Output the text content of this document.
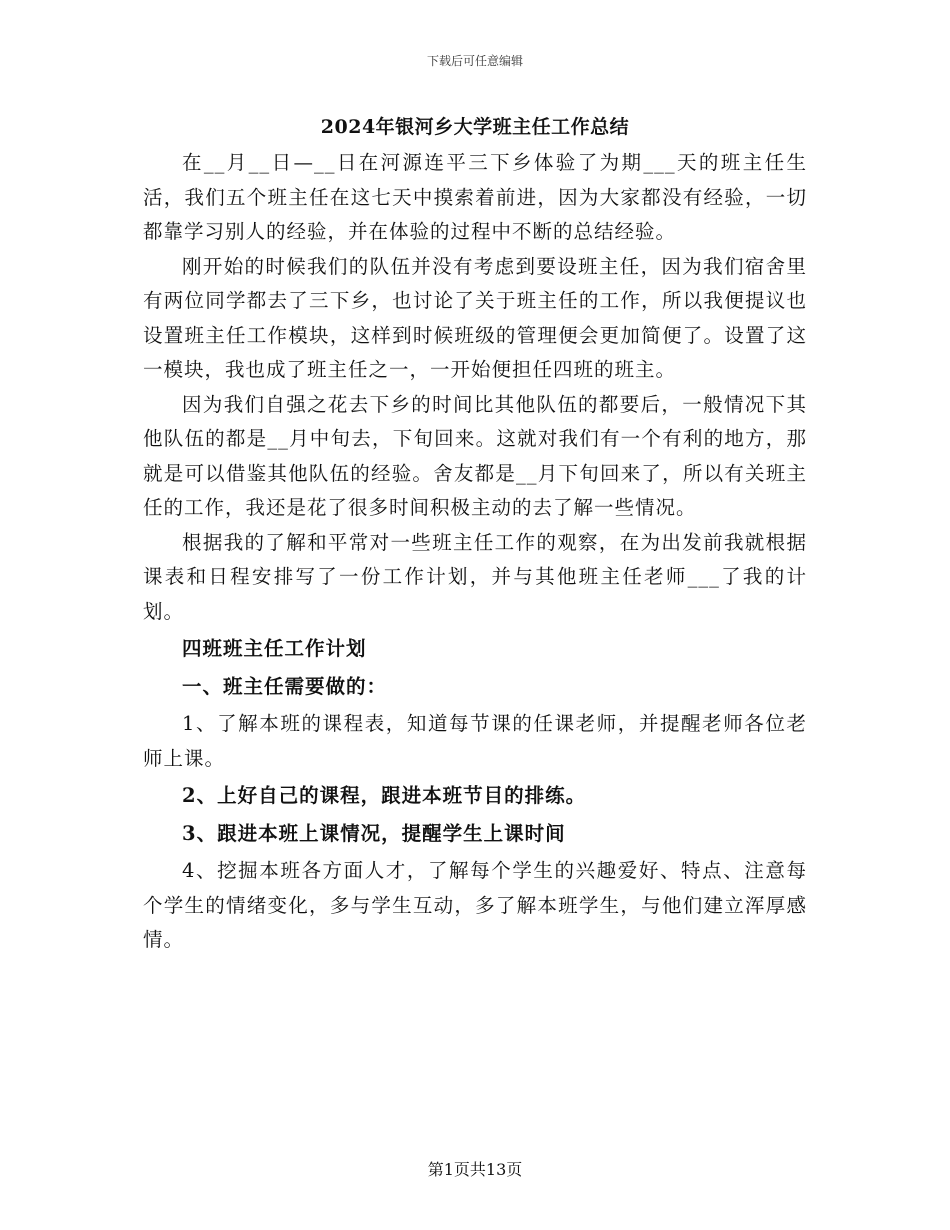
下载后可任意编辑
2024年银河乡大学班主任工作总结

在__月__日—__日在河源连平三下乡体验了为期___天的班主任生活，我们五个班主任在这七天中摸索着前进，因为大家都没有经验，一切都靠学习别人的经验，并在体验的过程中不断的总结经验。

刚开始的时候我们的队伍并没有考虑到要设班主任，因为我们宿舍里有两位同学都去了三下乡，也讨论了关于班主任的工作，所以我便提议也设置班主任工作模块，这样到时候班级的管理便会更加简便了。设置了这一模块，我也成了班主任之一，一开始便担任四班的班主。

因为我们自强之花去下乡的时间比其他队伍的都要后，一般情况下其他队伍的都是__月中旬去，下旬回来。这就对我们有一个有利的地方，那就是可以借鉴其他队伍的经验。舍友都是__月下旬回来了，所以有关班主任的工作，我还是花了很多时间积极主动的去了解一些情况。

根据我的了解和平常对一些班主任工作的观察，在为出发前我就根据课表和日程安排写了一份工作计划，并与其他班主任老师___了我的计划。

四班班主任工作计划

一、班主任需要做的：

1、了解本班的课程表，知道每节课的任课老师，并提醒老师各位老师上课。

2、上好自己的课程，跟进本班节目的排练。

3、跟进本班上课情况，提醒学生上课时间

4、挖掘本班各方面人才，了解每个学生的兴趣爱好、特点、注意每个学生的情绪变化，多与学生互动，多了解本班学生，与他们建立浑厚感情。

第1页共13页
